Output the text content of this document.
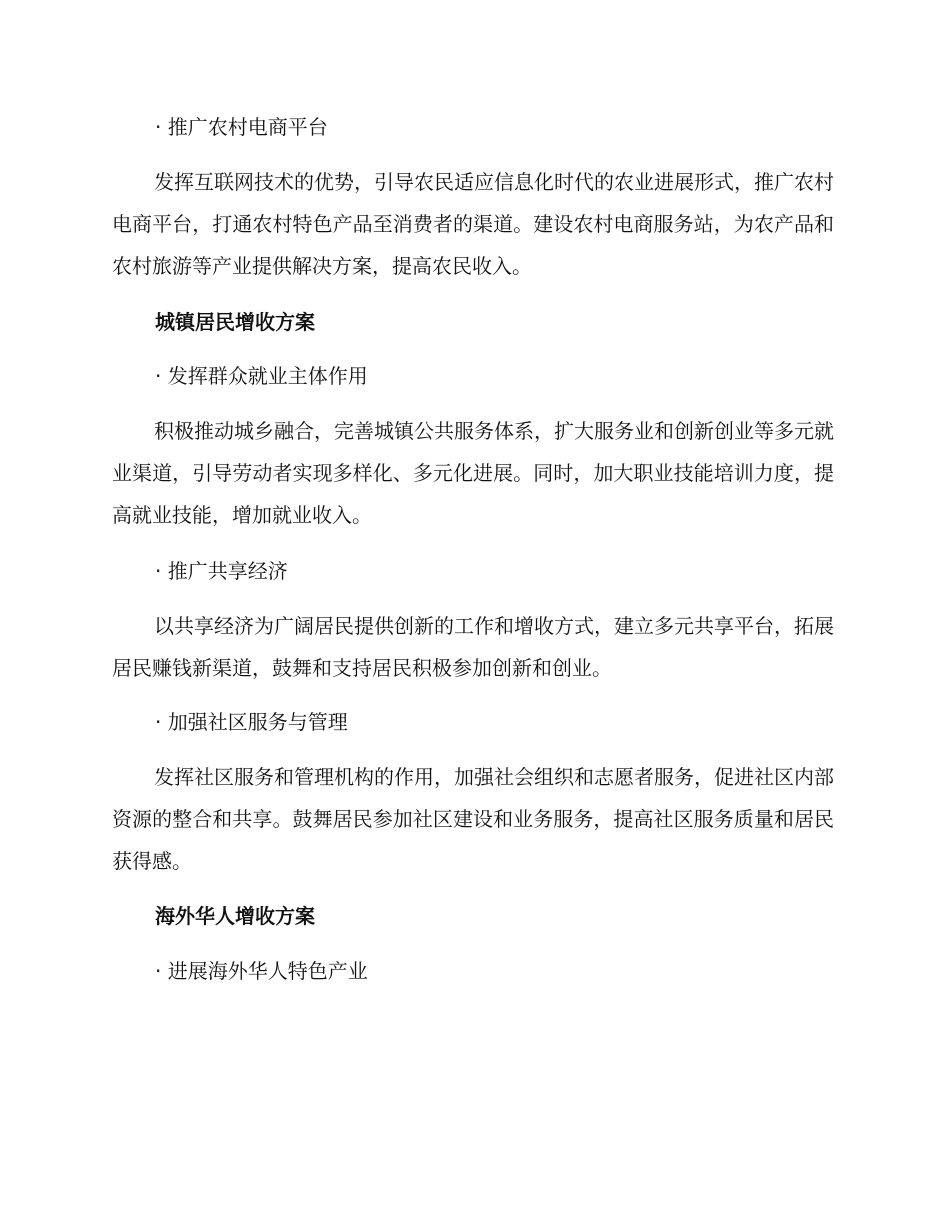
· 推广农村电商平台

发挥互联网技术的优势，引导农民适应信息化时代的农业进展形式，推广农村电商平台，打通农村特色产品至消费者的渠道。建设农村电商服务站，为农产品和农村旅游等产业提供解决方案，提高农民收入。

城镇居民增收方案

· 发挥群众就业主体作用

积极推动城乡融合，完善城镇公共服务体系，扩大服务业和创新创业等多元就业渠道，引导劳动者实现多样化、多元化进展。同时，加大职业技能培训力度，提高就业技能，增加就业收入。

· 推广共享经济

以共享经济为广阔居民提供创新的工作和增收方式，建立多元共享平台，拓展居民赚钱新渠道，鼓舞和支持居民积极参加创新和创业。

· 加强社区服务与管理

发挥社区服务和管理机构的作用，加强社会组织和志愿者服务，促进社区内部资源的整合和共享。鼓舞居民参加社区建设和业务服务，提高社区服务质量和居民获得感。

海外华人增收方案

· 进展海外华人特色产业
